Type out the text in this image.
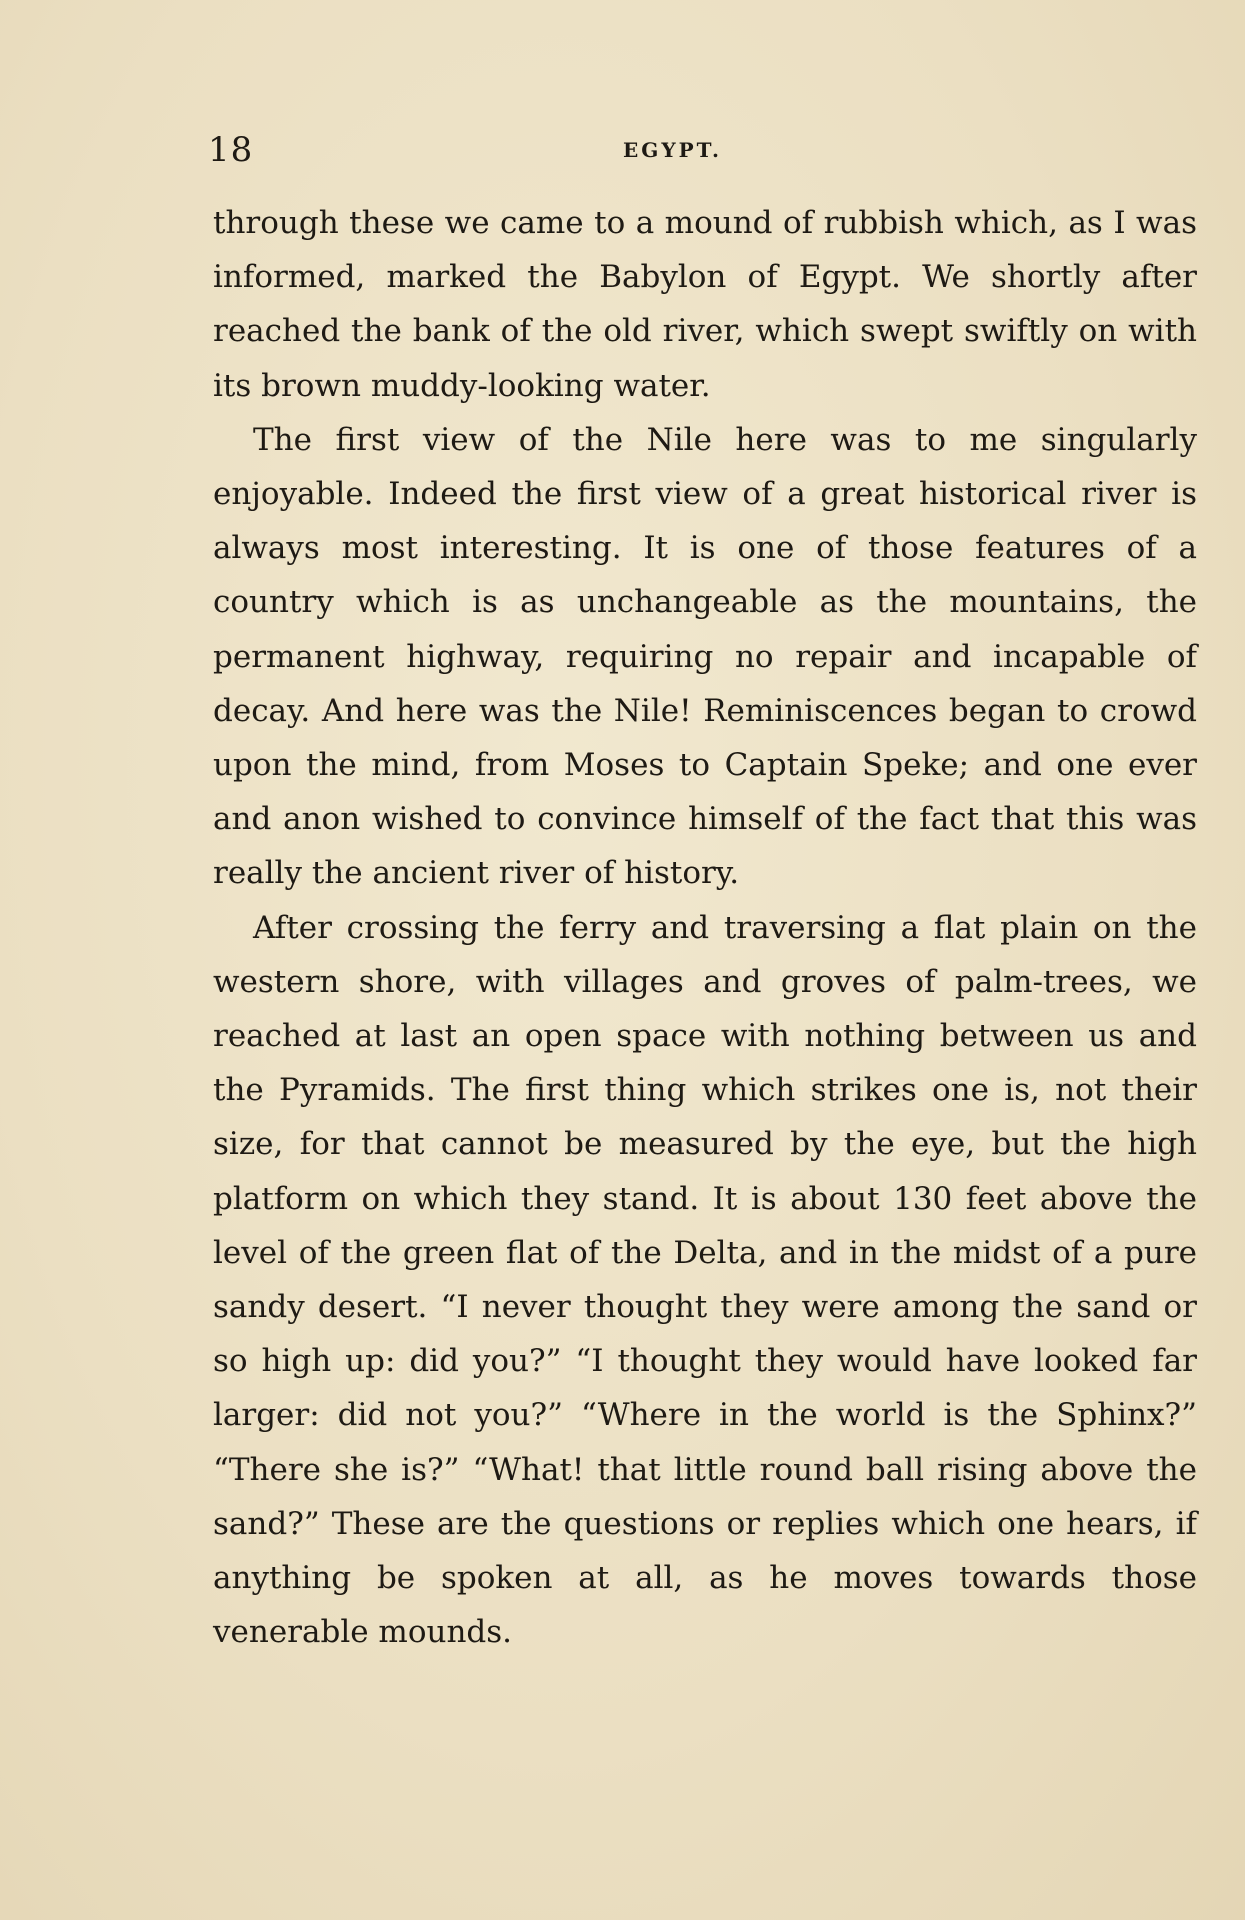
18	EGYPT.

through these we came to a mound of rubbish which, as I was informed, marked the Babylon of Egypt. We shortly after reached the bank of the old river, which swept swiftly on with its brown muddy-looking water.

The first view of the Nile here was to me singularly enjoyable. Indeed the first view of a great historical river is always most interesting. It is one of those features of a country which is as unchangeable as the mountains, the permanent highway, requiring no repair and incapable of decay. And here was the Nile! Reminiscences began to crowd upon the mind, from Moses to Captain Speke; and one ever and anon wished to convince himself of the fact that this was really the ancient river of history.

After crossing the ferry and traversing a flat plain on the western shore, with villages and groves of palm-trees, we reached at last an open space with nothing between us and the Pyramids. The first thing which strikes one is, not their size, for that cannot be measured by the eye, but the high platform on which they stand. It is about 130 feet above the level of the green flat of the Delta, and in the midst of a pure sandy desert. “I never thought they were among the sand or so high up: did you?” “I thought they would have looked far larger: did not you?” “Where in the world is the Sphinx?” “There she is?” “What! that little round ball rising above the sand?” These are the questions or replies which one hears, if anything be spoken at all, as he moves towards those venerable mounds.
